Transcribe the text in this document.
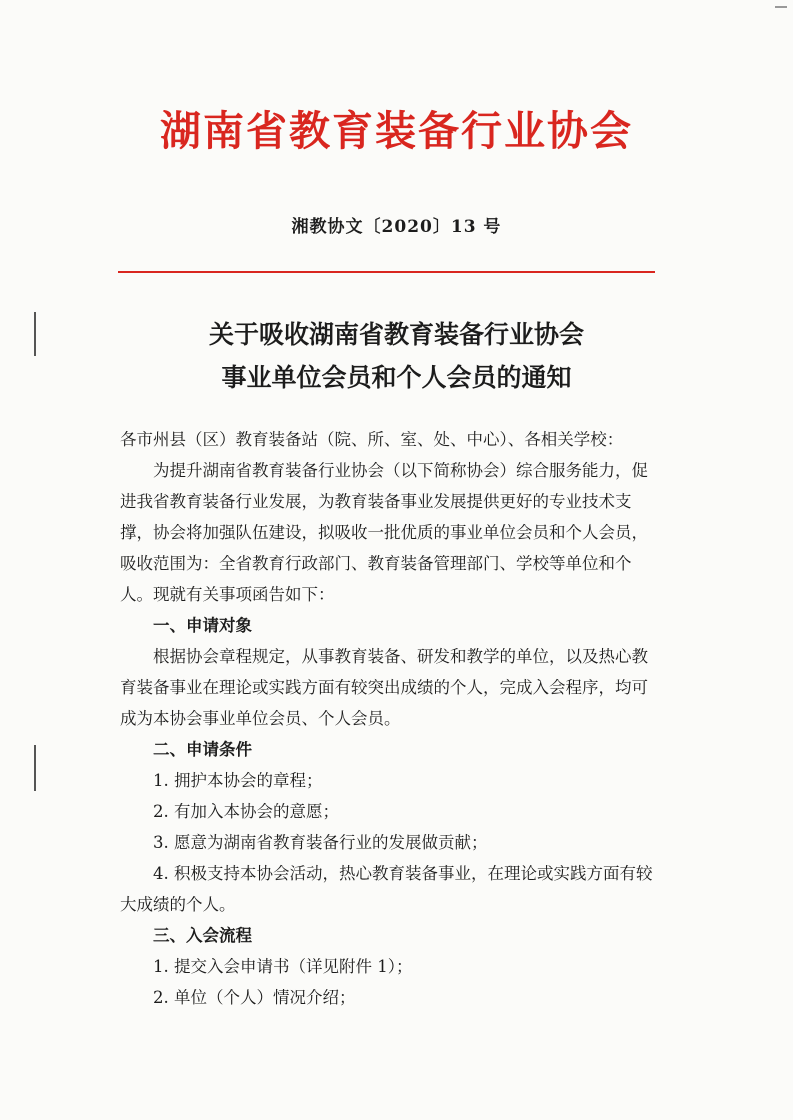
湖南省教育装备行业协会
湘教协文〔2020〕13 号
关于吸收湖南省教育装备行业协会
事业单位会员和个人会员的通知

各市州县（区）教育装备站（院、所、室、处、中心）、各相关学校：

为提升湖南省教育装备行业协会（以下简称协会）综合服务能力，促进我省教育装备行业发展，为教育装备事业发展提供更好的专业技术支撑，协会将加强队伍建设，拟吸收一批优质的事业单位会员和个人会员，吸收范围为：全省教育行政部门、教育装备管理部门、学校等单位和个人。现就有关事项函告如下：

一、申请对象

根据协会章程规定，从事教育装备、研发和教学的单位，以及热心教育装备事业在理论或实践方面有较突出成绩的个人，完成入会程序，均可成为本协会事业单位会员、个人会员。

二、申请条件

1. 拥护本协会的章程；

2. 有加入本协会的意愿；

3. 愿意为湖南省教育装备行业的发展做贡献；

4. 积极支持本协会活动，热心教育装备事业，在理论或实践方面有较大成绩的个人。

三、入会流程

1. 提交入会申请书（详见附件 1）；

2. 单位（个人）情况介绍；
